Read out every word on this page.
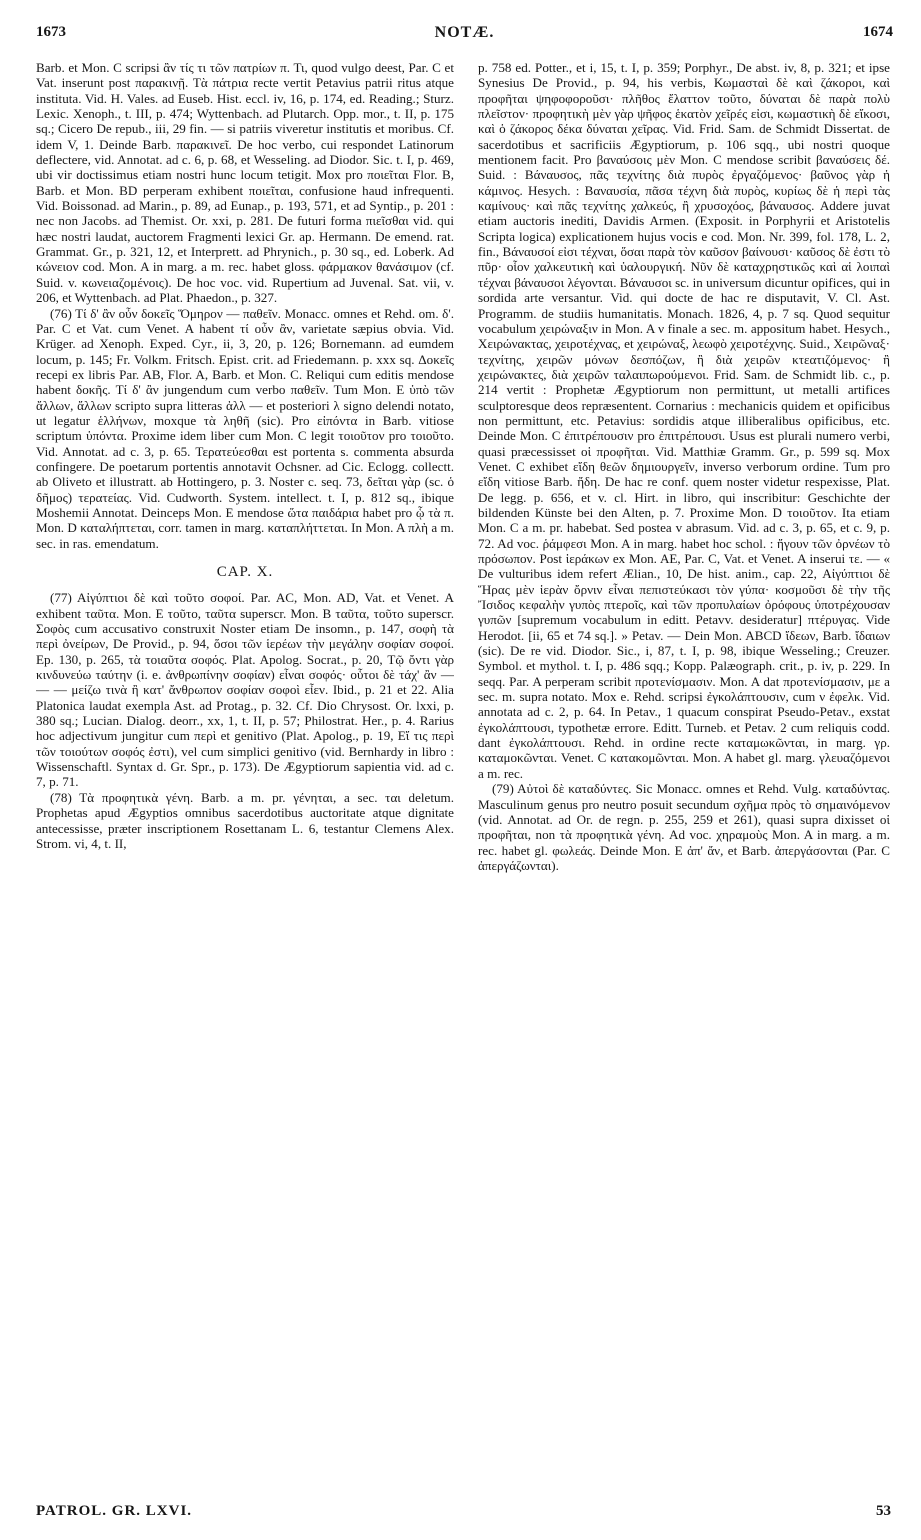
1673	NOTÆ.	1674

Barb. et Mon. C scripsi ἂν τίς τι τῶν πατρίων π. Τι, quod vulgo deest, Par. C et Vat. inserunt post παρακινῇ. Τὰ πάτρια recte vertit Petavius patrii ritus atque instituta. Vid. H. Vales. ad Euseb. Hist. eccl. iv, 16, p. 174, ed. Reading.; Sturz. Lexic. Xenoph., t. III, p. 474; Wyttenbach. ad Plutarch. Opp. mor., t. II, p. 175 sq.; Cicero De repub., iii, 29 fin. — si patriis viveretur institutis et moribus. Cf. idem V, 1. Deinde Barb. παρακινεῖ. De hoc verbo, cui respondet Latinorum deflectere, vid. Annotat. ad c. 6, p. 68, et Wesseling. ad Diodor. Sic. t. I, p. 469, ubi vir doctissimus etiam nostri hunc locum tetigit. Mox pro ποιεῖται Flor. B, Barb. et Mon. BD perperam exhibent ποιεῖται, confusione haud infrequenti. Vid. Boissonad. ad Marin., p. 89, ad Eunap., p. 193, 571, et ad Syntip., p. 201 : nec non Jacobs. ad Themist. Or. xxi, p. 281. De futuri forma πιεῖσθαι vid. qui hæc nostri laudat, auctorem Fragmenti lexici Gr. ap. Hermann. De emend. rat. Grammat. Gr., p. 321, 12, et Interprett. ad Phrynich., p. 30 sq., ed. Loberk. Ad κώνειον cod. Mon. A in marg. a m. rec. habet gloss. φάρμακον θανάσιμον (cf. Suid. v. κωνειαζομένοις). De hoc voc. vid. Rupertium ad Juvenal. Sat. vii, v. 206, et Wyttenbach. ad Plat. Phaedon., p. 327.

(76) Τί δ' ἂν οὖν δοκεῖς Ὅμηρον — παθεῖν. Monacc. omnes et Rehd. om. δ'. Par. C et Vat. cum Venet. A habent τί οὖν ἂν, varietate sæpius obvia. Vid. Krüger. ad Xenoph. Exped. Cyr., ii, 3, 20, p. 126; Bornemann. ad eumdem locum, p. 145; Fr. Volkm. Fritsch. Epist. crit. ad Friedemann. p. xxx sq. Δοκεῖς recepi ex libris Par. AB, Flor. A, Barb. et Mon. C. Reliqui cum editis mendose habent δοκῆς. Τί δ' ἂν jungendum cum verbo παθεῖν. Tum Mon. E ὑπὸ τῶν ἄλλων, ἄλλων scripto supra litteras ἀλλ — et posteriori λ signo delendi notato, ut legatur ἑλλήνων, moxque τὰ ληθῆ (sic). Pro εἰπόντα in Barb. vitiose scriptum ὑπόντα. Proxime idem liber cum Mon. C legit τοιοῦτον pro τοιοῦτο. Vid. Annotat. ad c. 3, p. 65. Τερατεύεσθαι est portenta s. commenta absurda confingere. De poetarum portentis annotavit Ochsner. ad Cic. Eclogg. collectt. ab Oliveto et illustratt. ab Hottingero, p. 3. Noster c. seq. 73, δεῖται γὰρ (sc. ὁ δῆμος) τερατείας. Vid. Cudworth. System. intellect. t. I, p. 812 sq., ibique Moshemii Annotat. Deinceps Mon. E mendose ὥτα παιδάρια habet pro ᾧ τὰ π. Mon. D καταλήπτεται, corr. tamen in marg. καταπλήττεται. In Mon. A πλὴ a m. sec. in ras. emendatum.

CAP. X.

(77) Αἰγύπτιοι δὲ καὶ τοῦτο σοφοί. Par. AC, Mon. AD, Vat. et Venet. A exhibent ταῦτα. Mon. E τοῦτο, ταῦτα superscr. Mon. B ταῦτα, τοῦτο superscr. Σοφὸς cum accusativo construxit Noster etiam De insomn., p. 147, σοφὴ τὰ περὶ ὀνείρων, De Provid., p. 94, ὅσοι τῶν ἱερέων τὴν μεγάλην σοφίαν σοφοί. Ep. 130, p. 265, τὰ τοιαῦτα σοφός. Plat. Apolog. Socrat., p. 20, Τῷ ὄντι γὰρ κινδυνεύω ταύτην (i. e. ἀνθρωπίνην σοφίαν) εἶναι σοφός· οὗτοι δὲ τάχ' ἂν — — — μείζω τινὰ ἢ κατ' ἄνθρωπον σοφίαν σοφοὶ εἶεν. Ibid., p. 21 et 22. Alia Platonica laudat exempla Ast. ad Protag., p. 32. Cf. Dio Chrysost. Or. lxxi, p. 380 sq.; Lucian. Dialog. deorr., xx, 1, t. II, p. 57; Philostrat. Her., p. 4. Rarius hoc adjectivum jungitur cum περὶ et genitivo (Plat. Apolog., p. 19, Εἴ τις περὶ τῶν τοιούτων σοφός ἐστι), vel cum simplici genitivo (vid. Bernhardy in libro : Wissenschaftl. Syntax d. Gr. Spr., p. 173). De Ægyptiorum sapientia vid. ad c. 7, p. 71.

(78) Τὰ προφητικὰ γένη. Barb. a m. pr. γένηται, a sec. ται deletum. Prophetas apud Ægyptios omnibus sacerdotibus auctoritate atque dignitate antecessisse, præter inscriptionem Rosettanam L. 6, testantur Clemens Alex. Strom. vi, 4, t. II,

p. 758 ed. Potter., et i, 15, t. I, p. 359; Porphyr., De abst. iv, 8, p. 321; et ipse Synesius De Provid., p. 94, his verbis, Κωμασταὶ δὲ καὶ ζάκοροι, καὶ προφῆται ψηφοφοροῦσι· πλῆθος ἔλαττον τοῦτο, δύναται δὲ παρὰ πολὺ πλεῖστον· προφητικὴ μὲν γὰρ ψῆφος ἑκατὸν χεῖρές εἰσι, κωμαστικὴ δὲ εἴκοσι, καὶ ὁ ζάκορος δέκα δύναται χεῖρας. Vid. Frid. Sam. de Schmidt Dissertat. de sacerdotibus et sacrificiis Ægyptiorum, p. 106 sqq., ubi nostri quoque mentionem facit. Pro βαναύσοις μὲν Mon. C mendose scribit βαναύσεις δέ. Suid. : Βάναυσος, πᾶς τεχνίτης διὰ πυρὸς ἐργαζόμενος· βαῦνος γὰρ ἡ κάμινος. Hesych. : Βαναυσία, πᾶσα τέχνη διὰ πυρὸς, κυρίως δὲ ἡ περὶ τὰς καμίνους· καὶ πᾶς τεχνίτης χαλκεύς, ἢ χρυσοχόος, βάναυσος. Addere juvat etiam auctoris inediti, Davidis Armen. (Exposit. in Porphyrii et Aristotelis Scripta logica) explicationem hujus vocis e cod. Mon. Nr. 399, fol. 178, L. 2, fin., Βάναυσοί εἰσι τέχναι, ὅσαι παρὰ τὸν καῦσον βαίνουσι· καῦσος δὲ ἐστι τὸ πῦρ· οἷον χαλκευτικὴ καὶ ὑαλουργική. Νῦν δὲ καταχρηστικῶς καὶ αἱ λοιπαὶ τέχναι βάναυσοι λέγονται. Βάναυσοι sc. in universum dicuntur opifices, qui in sordida arte versantur. Vid. qui docte de hac re disputavit, V. Cl. Ast. Programm. de studiis humanitatis. Monach. 1826, 4, p. 7 sq. Quod sequitur vocabulum χειρώναξιν in Mon. A ν finale a sec. m. appositum habet. Hesych., Χειρώνακτας, χειροτέχνας, et χειρώναξ, λεωφὸ χειροτέχνης. Suid., Χειρῶναξ· τεχνίτης, χειρῶν μόνων δεσπόζων, ἢ διὰ χειρῶν κτεατιζόμενος· ἢ χειρώνακτες, διὰ χειρῶν ταλαιπωρούμενοι. Frid. Sam. de Schmidt lib. c., p. 214 vertit : Prophetæ Ægyptiorum non permittunt, ut metalli artifices sculptoresque deos repræsentent. Cornarius : mechanicis quidem et opificibus non permittunt, etc. Petavius: sordidis atque illiberalibus opificibus, etc. Deinde Mon. C ἐπιτρέπουσιν pro ἐπιτρέπουσι. Usus est plurali numero verbi, quasi præcessisset οἱ προφῆται. Vid. Matthiæ Gramm. Gr., p. 599 sq. Mox Venet. C exhibet εἴδη θεῶν δημιουργεῖν, inverso verborum ordine. Tum pro εἴδη vitiose Barb. ἤδη. De hac re conf. quem noster videtur respexisse, Plat. De legg. p. 656, et v. cl. Hirt. in libro, qui inscribitur: Geschichte der bildenden Künste bei den Alten, p. 7. Proxime Mon. D τοιοῦτον. Ita etiam Mon. C a m. pr. habebat. Sed postea v abrasum. Vid. ad c. 3, p. 65, et c. 9, p. 72. Ad voc. ῥάμφεσι Mon. A in marg. habet hoc schol. : ἤγουν τῶν ὀρνέων τὸ πρόσωπον. Post ἱεράκων ex Mon. AE, Par. C, Vat. et Venet. A inserui τε. — « De vulturibus idem refert Ælian., 10, De hist. anim., cap. 22, Αἰγύπτιοι δὲ Ἥρας μὲν ἱερὰν ὄρνιν εἶναι πεπιστεύκασι τὸν γύπα· κοσμοῦσι δὲ τὴν τῆς Ἴσιδος κεφαλὴν γυπὸς πτεροῖς, καὶ τῶν προπυλαίων ὀρόφους ὑποτρέχουσαν γυπῶν [supremum vocabulum in editt. Petavv. desideratur] πτέρυγας. Vide Herodot. [ii, 65 et 74 sq.]. » Petav. — Dein Mon. ABCD ἴδεων, Barb. ἴδαιων (sic). De re vid. Diodor. Sic., i, 87, t. I, p. 98, ibique Wesseling.; Creuzer. Symbol. et mythol. t. I, p. 486 sqq.; Kopp. Palæograph. crit., p. iv, p. 229. In seqq. Par. A perperam scribit προτενίσμασιν. Mon. A dat προτενίσμασιν, με a sec. m. supra notato. Mox e. Rehd. scripsi ἐγκολάπτουσιν, cum ν ἐφελκ. Vid. annotata ad c. 2, p. 64. In Petav., 1 quacum conspirat Pseudo-Petav., exstat ἐγκολάπτουσι, typothetæ errore. Editt. Turneb. et Petav. 2 cum reliquis codd. dant ἐγκολάπτουσι. Rehd. in ordine recte καταμωκῶνται, in marg. γρ. καταμοκῶνται. Venet. C κατακομῶνται. Mon. A habet gl. marg. γλευαζόμενοι a m. rec.

(79) Αὐτοὶ δὲ καταδύντες. Sic Monacc. omnes et Rehd. Vulg. καταδύντας. Masculinum genus pro neutro posuit secundum σχῆμα πρὸς τὸ σημαινόμενον (vid. Annotat. ad Or. de regn. p. 255, 259 et 261), quasi supra dixisset οἱ προφῆται, non τὰ προφητικὰ γένη. Ad voc. χηραμοὺς Mon. A in marg. a m. rec. habet gl. φωλεάς. Deinde Mon. E ἀπ' ἄν, et Barb. ἀπεργάσονται (Par. C ἀπεργάζωνται).

PATROL. GR. LXVI.	53
